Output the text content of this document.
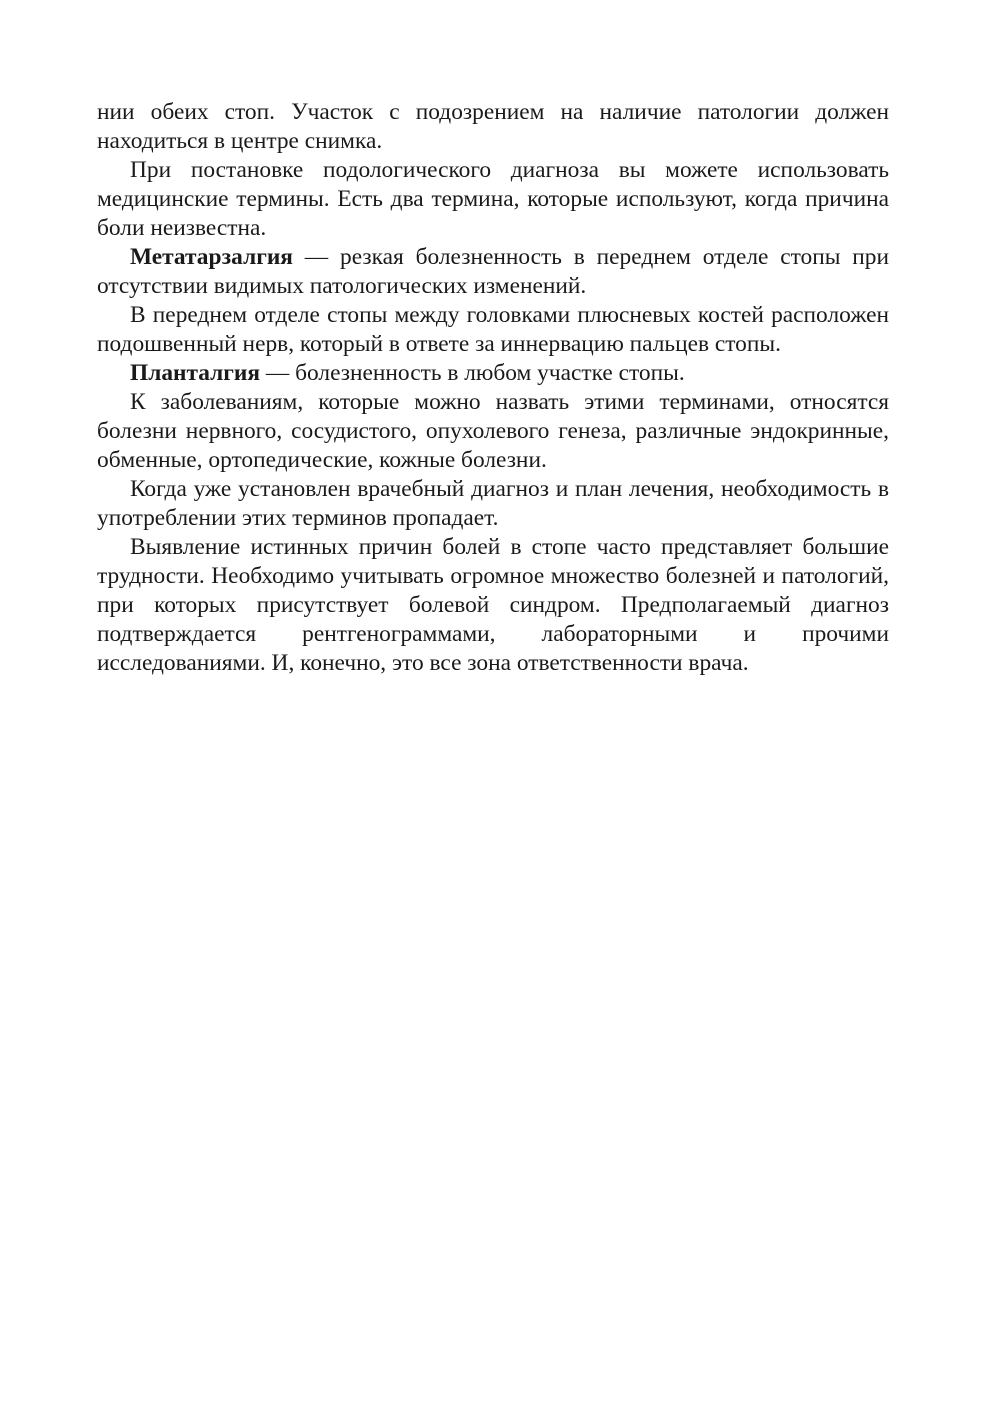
нии обеих стоп. Участок с подозрением на наличие патологии должен находиться в центре снимка.

При постановке подологического диагноза вы можете использовать медицинские термины. Есть два термина, которые используют, когда причина боли неизвестна.

Метатарзалгия — резкая болезненность в переднем отделе стопы при отсутствии видимых патологических изменений.

В переднем отделе стопы между головками плюсневых костей расположен подошвенный нерв, который в ответе за иннервацию пальцев стопы.

Планталгия — болезненность в любом участке стопы.

К заболеваниям, которые можно назвать этими терминами, относятся болезни нервного, сосудистого, опухолевого генеза, различные эндокринные, обменные, ортопедические, кожные болезни.

Когда уже установлен врачебный диагноз и план лечения, необходимость в употреблении этих терминов пропадает.

Выявление истинных причин болей в стопе часто представляет большие трудности. Необходимо учитывать огромное множество болезней и патологий, при которых присутствует болевой синдром. Предполагаемый диагноз подтверждается рентгенограммами, лабораторными и прочими исследованиями. И, конечно, это все зона ответственности врача.
